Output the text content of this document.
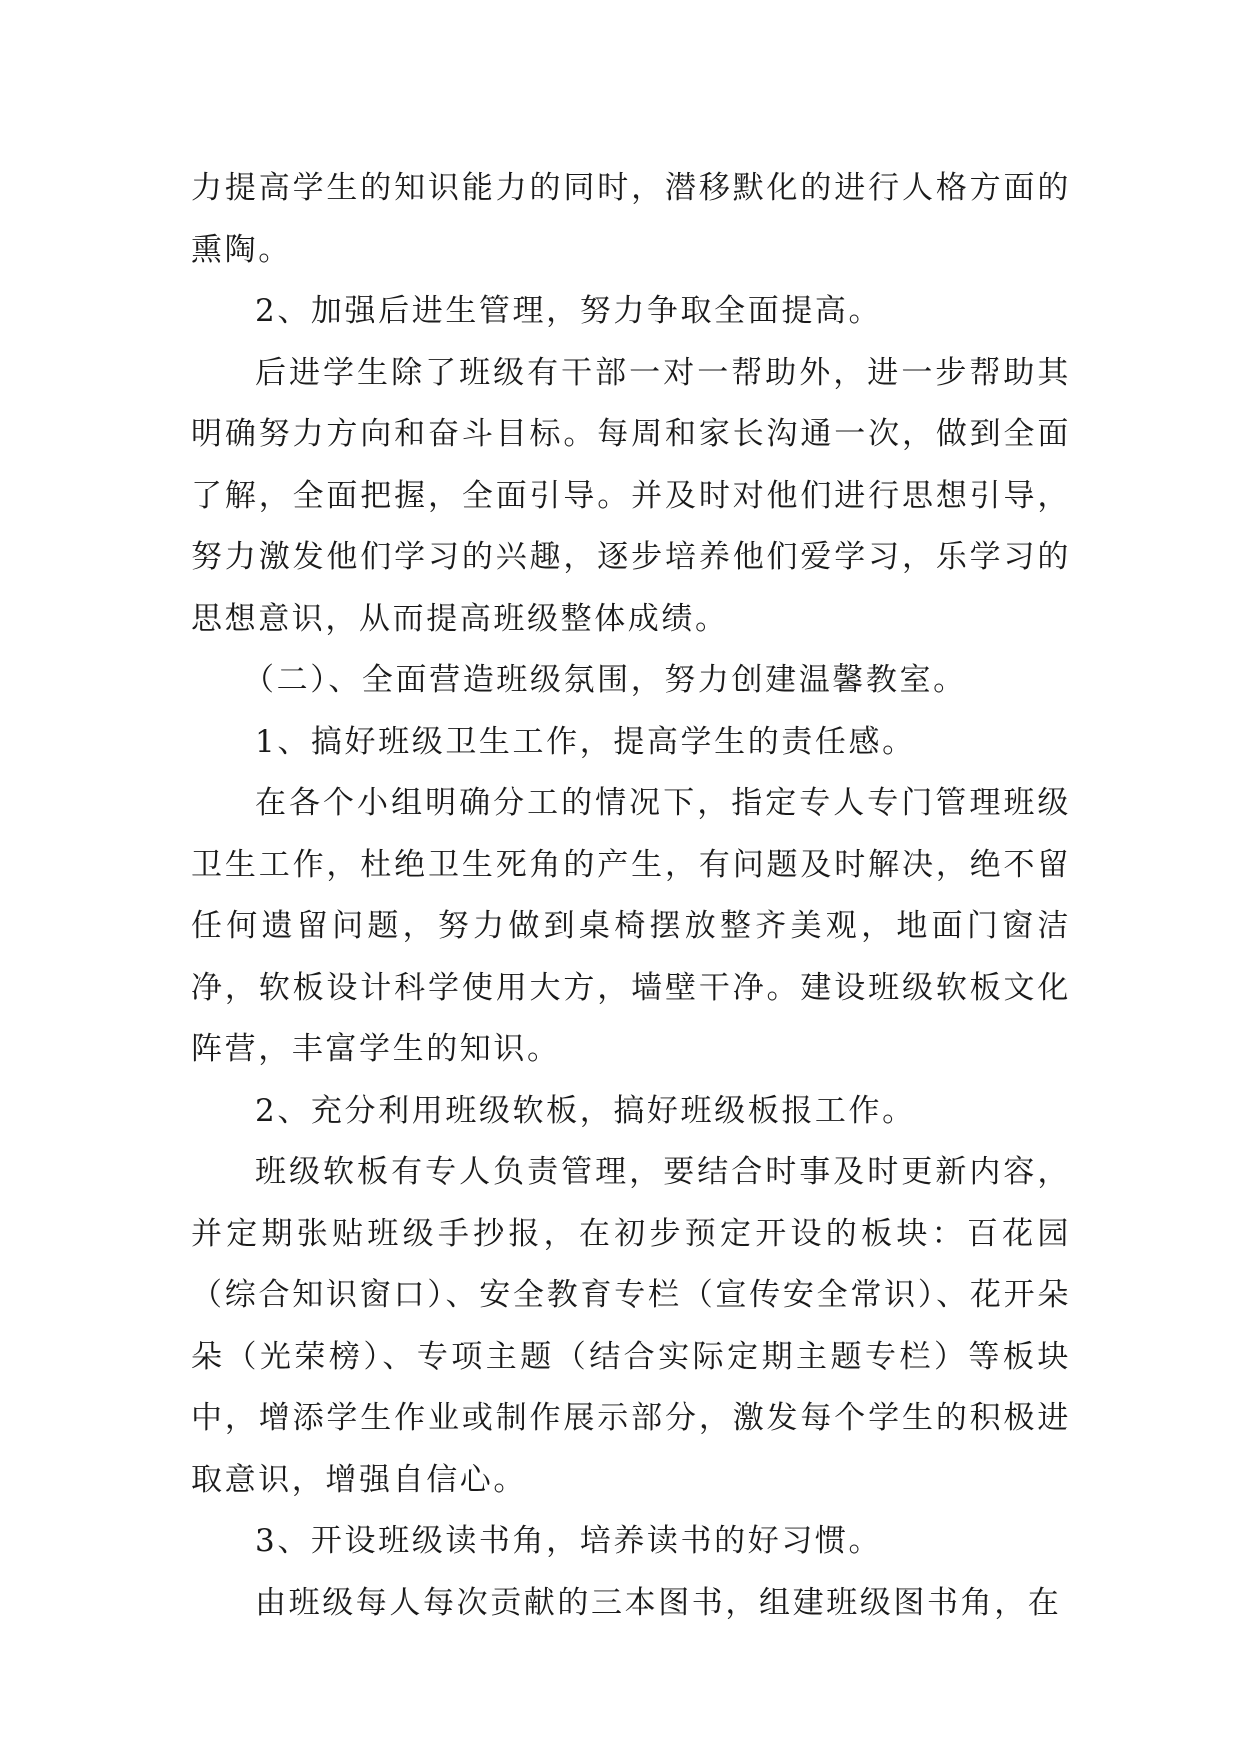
力提高学生的知识能力的同时，潜移默化的进行人格方面的熏陶。

2、加强后进生管理，努力争取全面提高。

后进学生除了班级有干部一对一帮助外，进一步帮助其明确努力方向和奋斗目标。每周和家长沟通一次，做到全面了解，全面把握，全面引导。并及时对他们进行思想引导，努力激发他们学习的兴趣，逐步培养他们爱学习，乐学习的思想意识，从而提高班级整体成绩。

（二）、全面营造班级氛围，努力创建温馨教室。

1、搞好班级卫生工作，提高学生的责任感。

在各个小组明确分工的情况下，指定专人专门管理班级卫生工作，杜绝卫生死角的产生，有问题及时解决，绝不留任何遗留问题，努力做到桌椅摆放整齐美观，地面门窗洁净，软板设计科学使用大方，墙壁干净。建设班级软板文化阵营，丰富学生的知识。

2、充分利用班级软板，搞好班级板报工作。

班级软板有专人负责管理，要结合时事及时更新内容，并定期张贴班级手抄报，在初步预定开设的板块：百花园（综合知识窗口）、安全教育专栏（宣传安全常识）、花开朵朵（光荣榜）、专项主题（结合实际定期主题专栏）等板块中，增添学生作业或制作展示部分，激发每个学生的积极进取意识，增强自信心。

3、开设班级读书角，培养读书的好习惯。

由班级每人每次贡献的三本图书，组建班级图书角，在
